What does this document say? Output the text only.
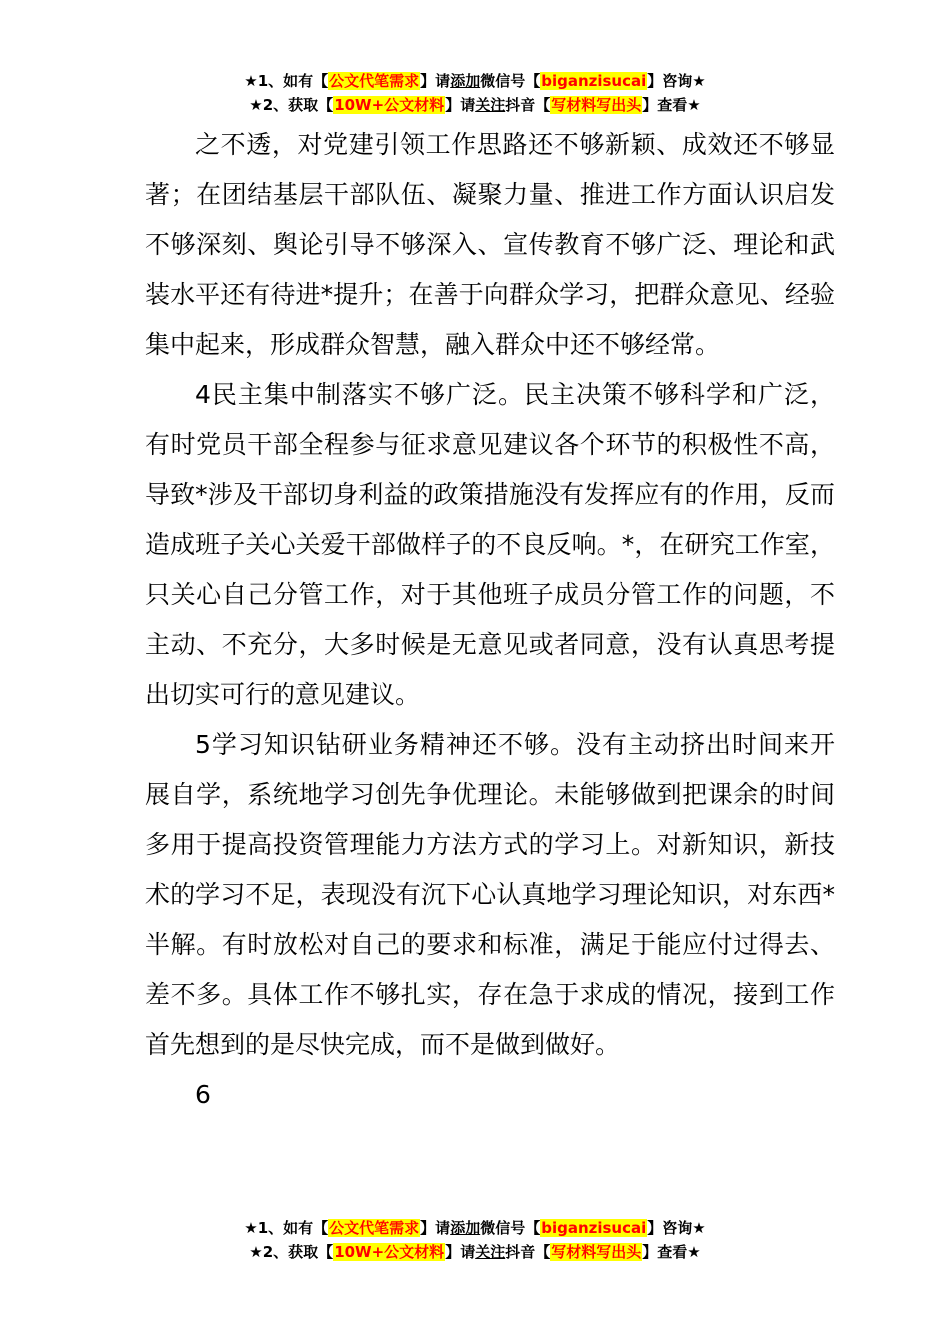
★1、如有【公文代笔需求】请添加微信号【biganzisucai】咨询★
★2、获取【10W+公文材料】请关注抖音【写材料写出头】查看★

之不透，对党建引领工作思路还不够新颖、成效还不够显著；在团结基层干部队伍、凝聚力量、推进工作方面认识启发不够深刻、舆论引导不够深入、宣传教育不够广泛、理论和武装水平还有待进*提升；在善于向群众学习，把群众意见、经验集中起来，形成群众智慧，融入群众中还不够经常。

4民主集中制落实不够广泛。民主决策不够科学和广泛，有时党员干部全程参与征求意见建议各个环节的积极性不高，导致*涉及干部切身利益的政策措施没有发挥应有的作用，反而造成班子关心关爱干部做样子的不良反响。*，在研究工作室，只关心自己分管工作，对于其他班子成员分管工作的问题，不主动、不充分，大多时候是无意见或者同意，没有认真思考提出切实可行的意见建议。

5学习知识钻研业务精神还不够。没有主动挤出时间来开展自学，系统地学习创先争优理论。未能够做到把课余的时间多用于提高投资管理能力方法方式的学习上。对新知识，新技术的学习不足，表现没有沉下心认真地学习理论知识，对东西*半解。有时放松对自己的要求和标准，满足于能应付过得去、差不多。具体工作不够扎实，存在急于求成的情况，接到工作首先想到的是尽快完成，而不是做到做好。

6

★1、如有【公文代笔需求】请添加微信号【biganzisucai】咨询★
★2、获取【10W+公文材料】请关注抖音【写材料写出头】查看★
